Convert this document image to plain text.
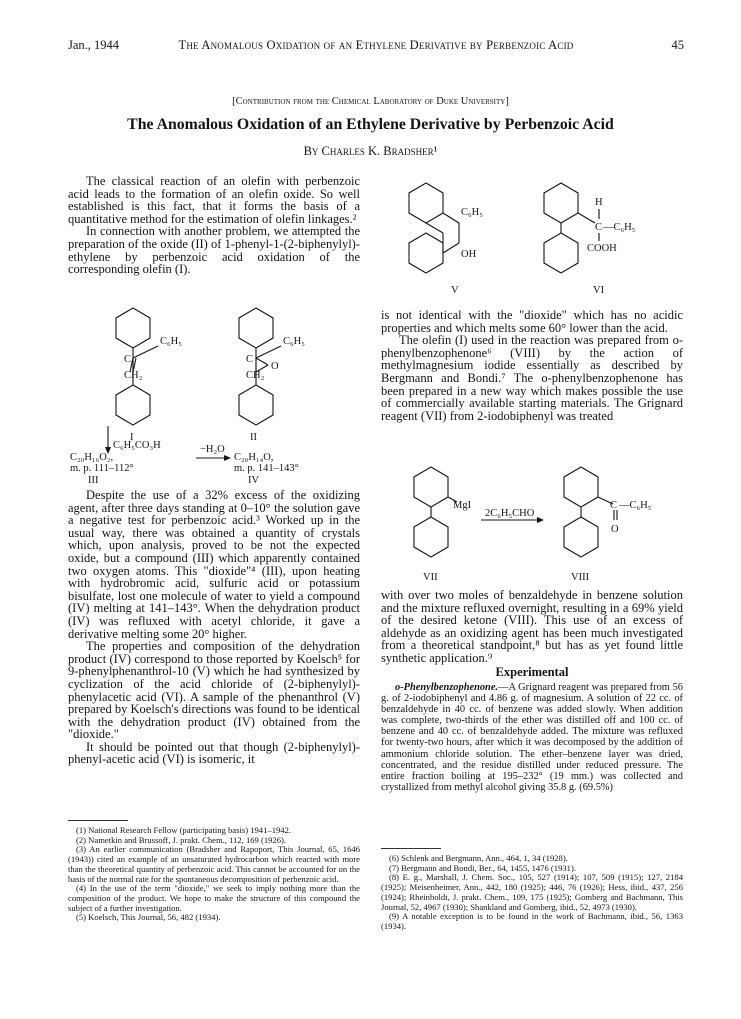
Jan., 1944	The Anomalous Oxidation of an Ethylene Derivative by Perbenzoic Acid	45
[Contribution from the Chemical Laboratory of Duke University]
The Anomalous Oxidation of an Ethylene Derivative by Perbenzoic Acid
By Charles K. Bradsher¹

The classical reaction of an olefin with perbenzoic acid leads to the formation of an olefin oxide. So well established is this fact, that it forms the basis of a quantitative method for the estimation of olefin linkages.²

In connection with another problem, we attempted the preparation of the oxide (II) of 1-phenyl-1-(2-biphenylyl)-ethylene by perbenzoic acid oxidation of the corresponding olefin (I).

C₆H₅
C
CH₂
I
C₆H₅
C
O
CH₂
II
C₆H₅CO₃H
C₂₀H₁₆O₂,
m. p. 111–112°
III
−H₂O
C₂₀H₁₄O,
m. p. 141–143°
IV

Despite the use of a 32% excess of the oxidizing agent, after three days standing at 0–10° the solution gave a negative test for perbenzoic acid.³ Worked up in the usual way, there was obtained a quantity of crystals which, upon analysis, proved to be not the expected oxide, but a compound (III) which apparently contained two oxygen atoms. This "dioxide"⁴ (III), upon heating with hydrobromic acid, sulfuric acid or potassium bisulfate, lost one molecule of water to yield a compound (IV) melting at 141–143°. When the dehydration product (IV) was refluxed with acetyl chloride, it gave a derivative melting some 20° higher.

The properties and composition of the dehydration product (IV) correspond to those reported by Koelsch⁵ for 9-phenylphenanthrol-10 (V) which he had synthesized by cyclization of the acid chloride of (2-biphenylyl)-phenylacetic acid (VI). A sample of the phenanthrol (V) prepared by Koelsch's directions was found to be identical with the dehydration product (IV) obtained from the "dioxide."

It should be pointed out that though (2-biphenylyl)-phenyl-acetic acid (VI) is isomeric, it

(1) National Research Fellow (participating basis) 1941–1942.

(2) Nametkin and Brussoff, J. prakt. Chem., 112, 169 (1926).

(3) An earlier communication (Bradsher and Rapoport, This Journal, 65, 1646 (1943)) cited an example of an unsaturated hydrocarbon which reacted with more than the theoretical quantity of perbenzoic acid. This cannot be accounted for on the basis of the normal rate for the spontaneous decomposition of perbenzoic acid.

(4) In the use of the term "dioxide," we seek to imply nothing more than the composition of the product. We hope to make the structure of this compound the subject of a further investigation.

(5) Koelsch, This Journal, 56, 482 (1934).

C₆H₅
OH
V
H
C —C₆H₅
COOH
VI

is not identical with the "dioxide" which has no acidic properties and which melts some 60° lower than the acid.

The olefin (I) used in the reaction was prepared from o-phenylbenzophenone⁶ (VIII) by the action of methylmagnesium iodide essentially as described by Bergmann and Bondi.⁷ The o-phenylbenzophenone has been prepared in a new way which makes possible the use of commercially available starting materials. The Grignard reagent (VII) from 2-iodobiphenyl was treated

MgI
2C₆H₅CHO
C —C₆H₅
O
VII	VIII

with over two moles of benzaldehyde in benzene solution and the mixture refluxed overnight, resulting in a 69% yield of the desired ketone (VIII). This use of an excess of aldehyde as an oxidizing agent has been much investigated from a theoretical standpoint,⁸ but has as yet found little synthetic application.⁹

Experimental

o-Phenylbenzophenone.—A Grignard reagent was prepared from 56 g. of 2-iodobiphenyl and 4.86 g. of magnesium. A solution of 22 cc. of benzaldehyde in 40 cc. of benzene was added slowly. When addition was complete, two-thirds of the ether was distilled off and 100 cc. of benzene and 40 cc. of benzaldehyde added. The mixture was refluxed for twenty-two hours, after which it was decomposed by the addition of ammonium chloride solution. The ether–benzene layer was dried, concentrated, and the residue distilled under reduced pressure. The entire fraction boiling at 195–232° (19 mm.) was collected and crystallized from methyl alcohol giving 35.8 g. (69.5%)

(6) Schlenk and Bergmann, Ann., 464, 1, 34 (1928).

(7) Bergmann and Bondi, Ber., 64, 1455, 1476 (1931).

(8) E. g., Marshall, J. Chem. Soc., 105, 527 (1914); 107, 509 (1915); 127, 2184 (1925); Meisenheimer, Ann., 442, 180 (1925); 446, 76 (1926); Hess, ibid., 437, 256 (1924); Rheinboldt, J. prakt. Chem., 109, 175 (1925); Gomberg and Bachmann, This Journal, 52, 4967 (1930); Shankland and Gomberg, ibid., 52, 4973 (1930).

(9) A notable exception is to be found in the work of Bachmann, ibid., 56, 1363 (1934).
